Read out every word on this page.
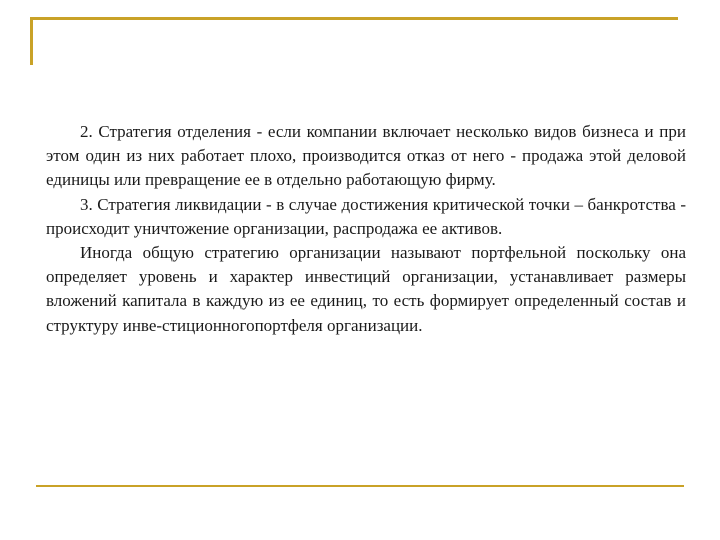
2. Стратегия отделения - если компании включает несколько видов бизнеса и при этом один из них работает плохо, производится отказ от него - продажа этой деловой единицы или превращение ее в отдельно работающую фирму.

3. Стратегия ликвидации - в случае достижения критической точки – банкротства - происходит уничтожение организации, распродажа ее активов.

Иногда общую стратегию организации называют портфельной поскольку она определяет уровень и характер инвестиций организации, устанавливает размеры вложений капитала в каждую из ее единиц, то есть формирует определенный состав и структуру инве-стиционногопортфеля организации.
